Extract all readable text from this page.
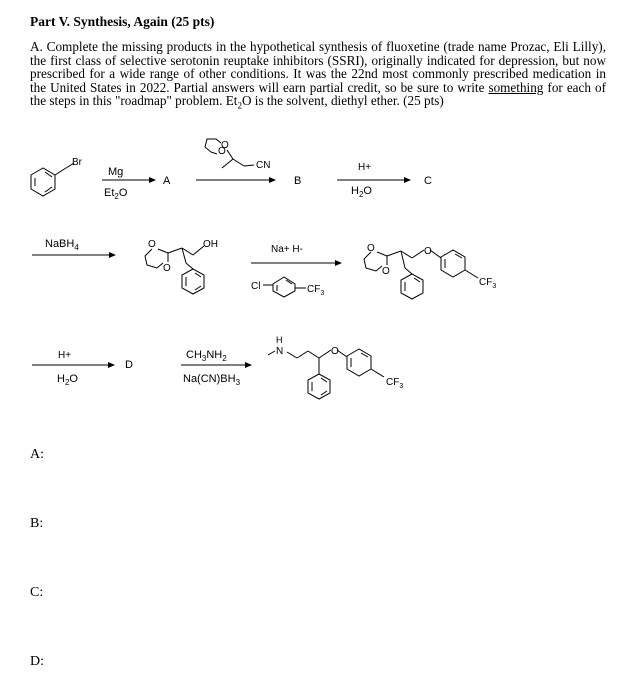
Part V. Synthesis, Again (25 pts)
A. Complete the missing products in the hypothetical synthesis of fluoxetine (trade name Prozac, Eli Lilly), the first class of selective serotonin reuptake inhibitors (SSRI), originally indicated for depression, but now prescribed for a wide range of other conditions. It was the 22nd most commonly prescribed medication in the United States in 2022. Partial answers will earn partial credit, so be sure to write something for each of the steps in this "roadmap" problem. $Et_2O$ is the solvent, diethyl ether. (25 pts)
Br
Mg
$Et_2O$
A
O
O
CN
B
H+
$H_2O$
C
NaBH$_4$	O
O
OH	Na+ H-
Cl	$CF_3$
O
O
O
$CF_3$
H+
$H_2O$
D
$CH_3NH_2$
$Na(CN)BH_3$
H
N	O
$CF_3$
A:
B:
C:
D:
